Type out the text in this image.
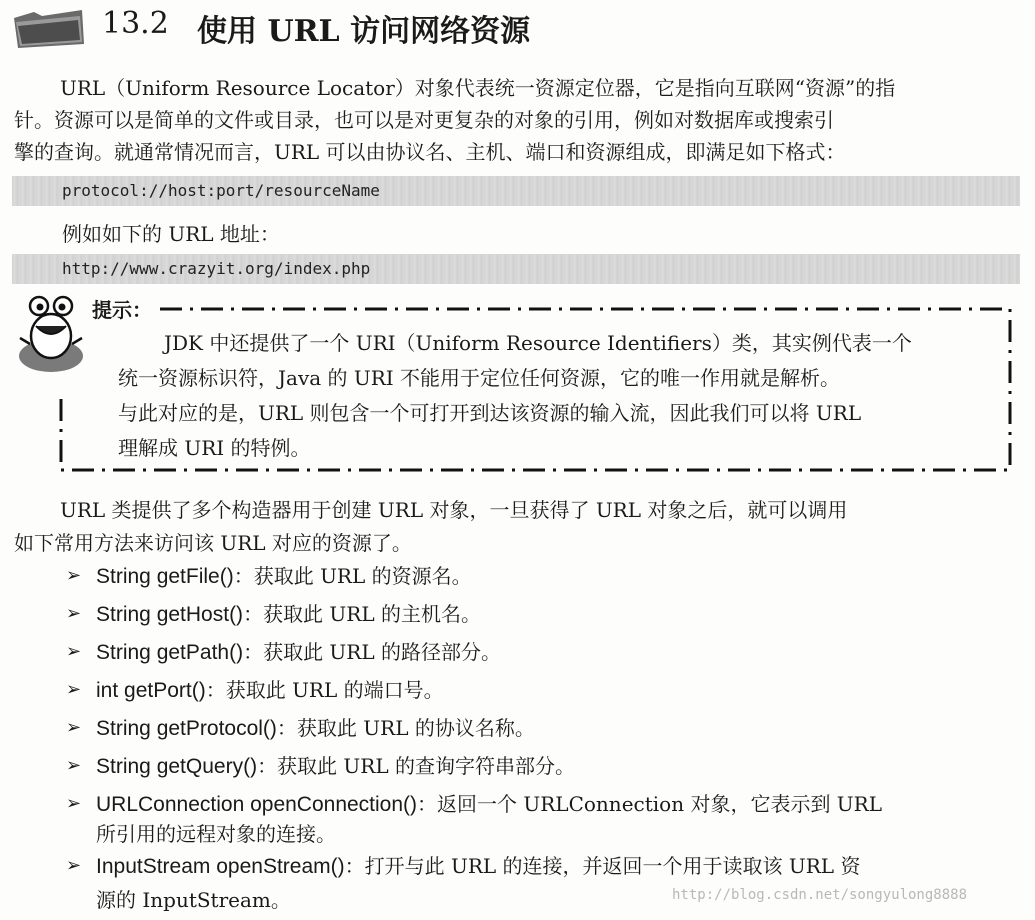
13.2 使用 URL 访问网络资源
URL（Uniform Resource Locator）对象代表统一资源定位器，它是指向互联网“资源”的指
针。资源可以是简单的文件或目录，也可以是对更复杂的对象的引用，例如对数据库或搜索引
擎的查询。就通常情况而言，URL 可以由协议名、主机、端口和资源组成，即满足如下格式：
protocol://host:port/resourceName
例如如下的 URL 地址：
http://www.crazyit.org/index.php
提示：
JDK 中还提供了一个 URI（Uniform Resource Identifiers）类，其实例代表一个
统一资源标识符，Java 的 URI 不能用于定位任何资源，它的唯一作用就是解析。
与此对应的是，URL 则包含一个可打开到达该资源的输入流，因此我们可以将 URL
理解成 URI 的特例。
URL 类提供了多个构造器用于创建 URL 对象，一旦获得了 URL 对象之后，就可以调用
如下常用方法来访问该 URL 对应的资源了。
➢ String getFile()：获取此 URL 的资源名。
➢ String getHost()：获取此 URL 的主机名。
➢ String getPath()：获取此 URL 的路径部分。
➢ int getPort()：获取此 URL 的端口号。
➢ String getProtocol()：获取此 URL 的协议名称。
➢ String getQuery()：获取此 URL 的查询字符串部分。
➢ URLConnection openConnection()：返回一个 URLConnection 对象，它表示到 URL
所引用的远程对象的连接。
➢ InputStream openStream()：打开与此 URL 的连接，并返回一个用于读取该 URL 资
源的 InputStream。	http://blog.csdn.net/songyulong8888
